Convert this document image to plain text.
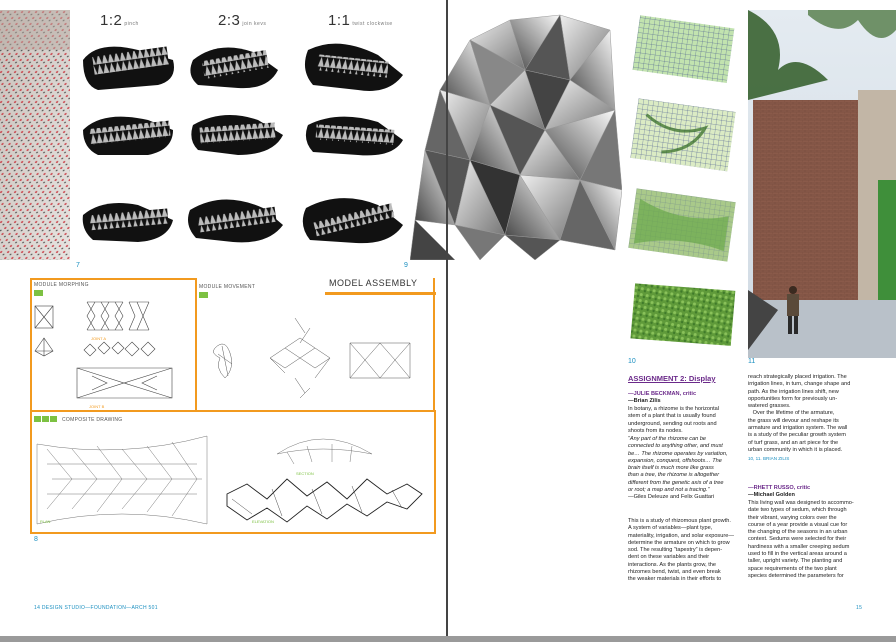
7
1:2 pinch	2:3 join kevs	1:1 twist clockwise
9
MODULE MORPHING	MODULE MOVEMENT	MODEL ASSEMBLY
JOINT A
JOINT B
COMPOSITE DRAWING
SECTION
PLAN	ELEVATION
8
14 DESIGN STUDIO—FOUNDATION—ARCH 501
10	11
ASSIGNMENT 2: Display
—JULIE BECKMAN, critic
—Brian Zilis
In botany, a rhizome is the horizontal
stem of a plant that is usually found
underground, sending out roots and
shoots from its nodes.
“Any part of the rhizome can be
connected to anything other, and must
be… The rhizome operates by variation,
expansion, conquest, offshoots… The
brain itself is much more like grass
than a tree, the rhizome is altogether
different from the genetic axis of a tree
or root; a map and not a tracing.”
—Giles Deleuze and Felix Guattari
This is a study of rhizomous plant growth.
A system of variables—plant type,
materiality, irrigation, and solar exposure—
determine the armature on which to grow
sod. The resulting “tapestry” is depen-
dent on these variables and their
interactions. As the plants grow, the
rhizomes bend, twist, and even break
the weaker materials in their efforts to
reach strategically placed irrigation. The
irrigation lines, in turn, change shape and
path. As the irrigation lines shift, new
opportunities form for previously un-
watered grasses.
Over the lifetime of the armature,
the grass will devour and reshape its
armature and irrigation system. The wall
is a study of the peculiar growth system
of turf grass, and an art piece for the
urban community in which it is placed.
10, 11. BRIAN ZILIS
—RHETT RUSSO, critic
—Michael Golden
This living wall was designed to accommo-
date two types of sedum, which through
their vibrant, varying colors over the
course of a year provide a visual cue for
the changing of the seasons in an urban
context. Sedums were selected for their
hardiness with a smaller creeping sedum
used to fill in the vertical areas around a
taller, upright variety. The planting and
space requirements of the two plant
species determined the parameters for
15
